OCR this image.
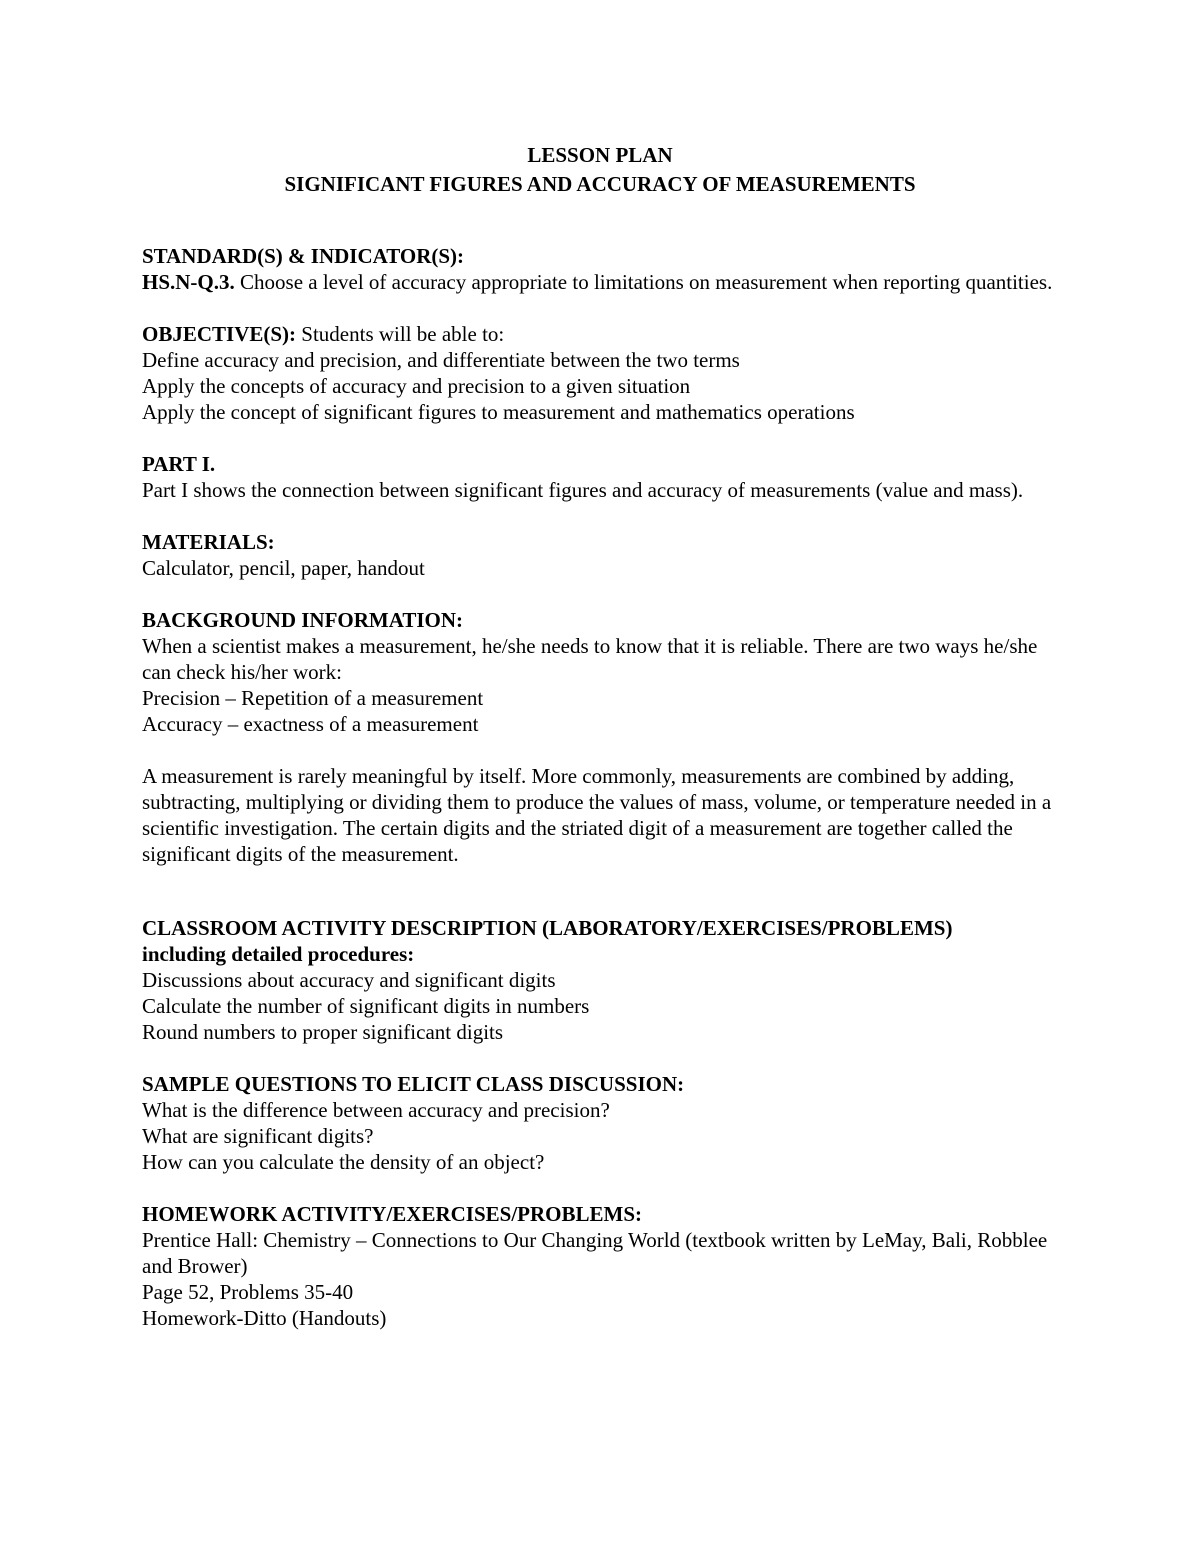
LESSON PLAN
SIGNIFICANT FIGURES AND ACCURACY OF MEASUREMENTS
STANDARD(S) & INDICATOR(S):
HS.N-Q.3. Choose a level of accuracy appropriate to limitations on measurement when reporting quantities.
OBJECTIVE(S): Students will be able to:
Define accuracy and precision, and differentiate between the two terms
Apply the concepts of accuracy and precision to a given situation
Apply the concept of significant figures to measurement and mathematics operations
PART I.
Part I shows the connection between significant figures and accuracy of measurements (value and mass).
MATERIALS:
Calculator, pencil, paper, handout
BACKGROUND INFORMATION:
When a scientist makes a measurement, he/she needs to know that it is reliable. There are two ways he/she can check his/her work:
Precision – Repetition of a measurement
Accuracy – exactness of a measurement
A measurement is rarely meaningful by itself. More commonly, measurements are combined by adding, subtracting, multiplying or dividing them to produce the values of mass, volume, or temperature needed in a scientific investigation. The certain digits and the striated digit of a measurement are together called the significant digits of the measurement.
CLASSROOM ACTIVITY DESCRIPTION (LABORATORY/EXERCISES/PROBLEMS)
including detailed procedures:
Discussions about accuracy and significant digits
Calculate the number of significant digits in numbers
Round numbers to proper significant digits
SAMPLE QUESTIONS TO ELICIT CLASS DISCUSSION:
What is the difference between accuracy and precision?
What are significant digits?
How can you calculate the density of an object?
HOMEWORK ACTIVITY/EXERCISES/PROBLEMS:
Prentice Hall: Chemistry – Connections to Our Changing World (textbook written by LeMay, Bali, Robblee and Brower)
Page 52, Problems 35-40
Homework-Ditto (Handouts)
